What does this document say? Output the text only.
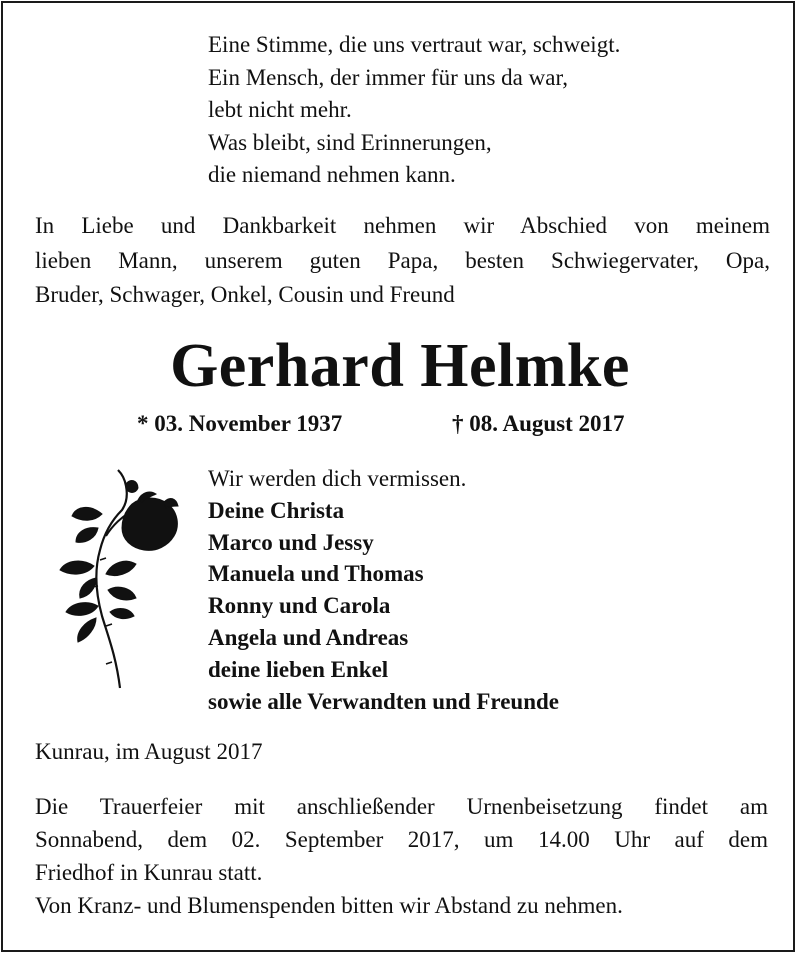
Eine Stimme, die uns vertraut war, schweigt.
Ein Mensch, der immer für uns da war,
lebt nicht mehr.
Was bleibt, sind Erinnerungen,
die niemand nehmen kann.
In Liebe und Dankbarkeit nehmen wir Abschied von meinem
lieben Mann, unserem guten Papa, besten Schwiegervater, Opa,
Bruder, Schwager, Onkel, Cousin und Freund
Gerhard Helmke
* 03. November 1937	† 08. August 2017
Wir werden dich vermissen.
Deine Christa
Marco und Jessy
Manuela und Thomas
Ronny und Carola
Angela und Andreas
deine lieben Enkel
sowie alle Verwandten und Freunde
Kunrau, im August 2017
Die Trauerfeier mit anschließender Urnenbeisetzung findet am
Sonnabend, dem 02. September 2017, um 14.00 Uhr auf dem
Friedhof in Kunrau statt.
Von Kranz- und Blumenspenden bitten wir Abstand zu nehmen.
